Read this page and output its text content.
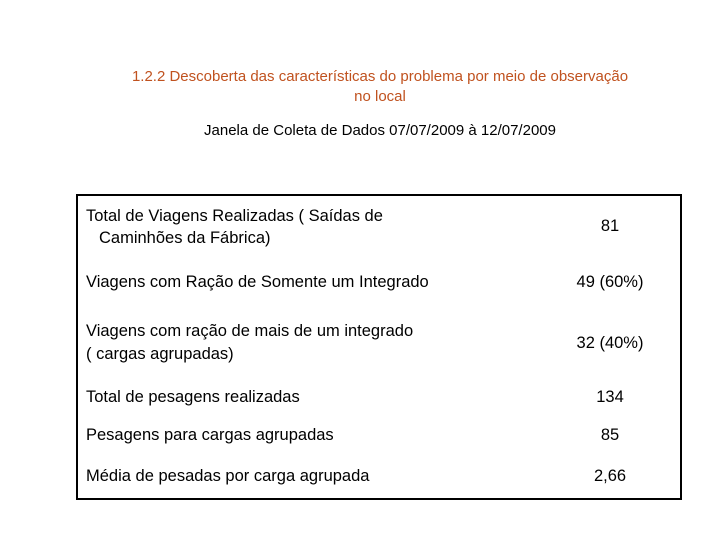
1.2.2 Descoberta das características do problema por meio de observação
no local
Janela de Coleta de Dados 07/07/2009 à 12/07/2009
Total de Viagens Realizadas ( Saídas de
Caminhões da Fábrica)	81
Viagens com Ração de Somente um Integrado	49 (60%)

Viagens com ração de mais de um integrado
( cargas agrupadas)	32 (40%)
Total de pesagens realizadas	134
Pesagens para cargas agrupadas	85
Média de pesadas por carga agrupada	2,66
